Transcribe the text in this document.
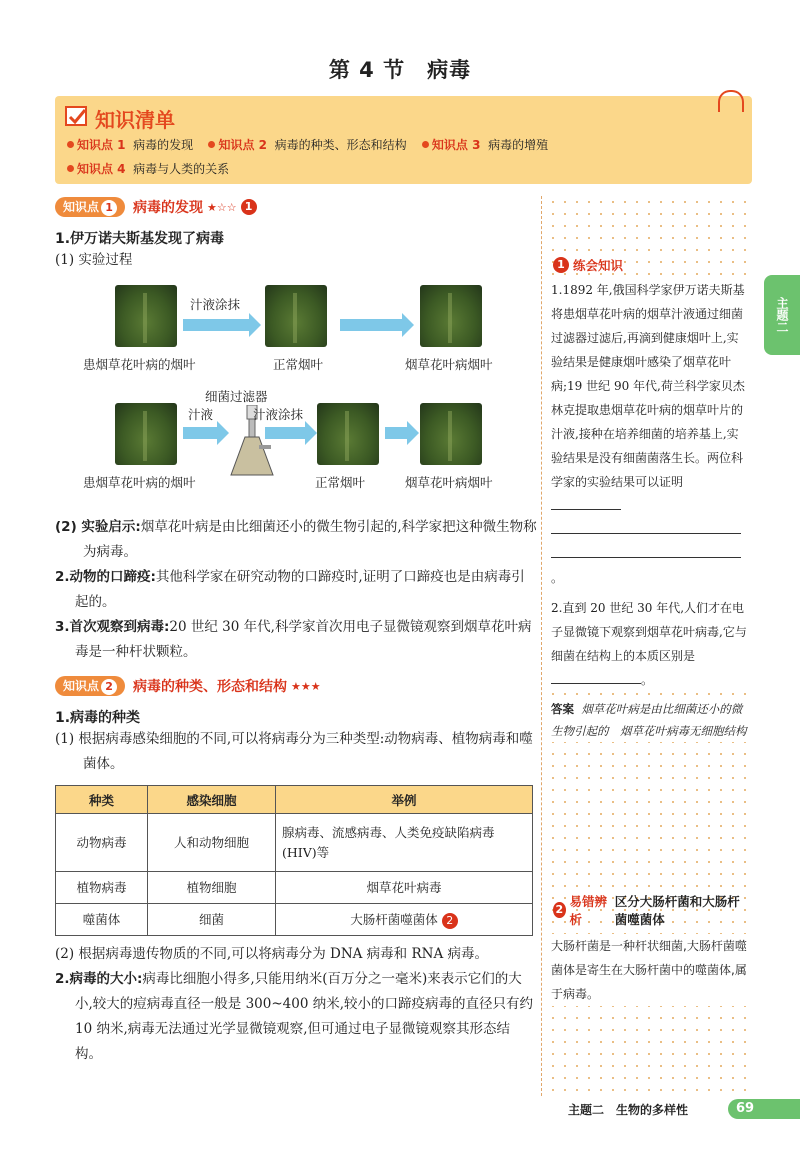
第 4 节　病毒
知识清单
知识点 1 病毒的发现 知识点 2 病毒的种类、形态和结构 知识点 3 病毒的增殖
知识点 4 病毒与人类的关系
知识点 1	病毒的发现 ★☆☆ 1
1.伊万诺夫斯基发现了病毒
(1) 实验过程
患烟草花叶病的烟叶
汁液涂抹
正常烟叶	烟草花叶病烟叶
患烟草花叶病的烟叶
细菌过滤器
汁液	汁液涂抹
正常烟叶	烟草花叶病烟叶
(2) 实验启示:烟草花叶病是由比细菌还小的微生物引起的,科学家把这种微生物称为病毒。
2.动物的口蹄疫:其他科学家在研究动物的口蹄疫时,证明了口蹄疫也是由病毒引起的。
3.首次观察到病毒:20 世纪 30 年代,科学家首次用电子显微镜观察到烟草花叶病毒是一种杆状颗粒。
知识点 2	病毒的种类、形态和结构 ★★★
1.病毒的种类
(1) 根据病毒感染细胞的不同,可以将病毒分为三种类型:动物病毒、植物病毒和噬菌体。
种类	感染细胞	举例
动物病毒	人和动物细胞	腺病毒、流感病毒、人类免疫缺陷病毒(HIV)等
植物病毒	植物细胞	烟草花叶病毒
噬菌体	细菌	大肠杆菌噬菌体 2
(2) 根据病毒遗传物质的不同,可以将病毒分为 DNA 病毒和 RNA 病毒。
2.病毒的大小:病毒比细胞小得多,只能用纳米(百万分之一毫米)来表示它们的大小,较大的痘病毒直径一般是 300~400 纳米,较小的口蹄疫病毒的直径只有约 10 纳米,病毒无法通过光学显微镜观察,但可通过电子显微镜观察其形态结构。
1 练会知识
1.1892 年,俄国科学家伊万诺夫斯基将患烟草花叶病的烟草汁液通过细菌过滤器过滤后,再滴到健康烟叶上,实验结果是健康烟叶感染了烟草花叶病;19 世纪 90 年代,荷兰科学家贝杰林克提取患烟草花叶病的烟草叶片的汁液,接种在培养细菌的培养基上,实验结果是没有细菌菌落生长。两位科学家的实验结果可以证明

。
2.直到 20 世纪 30 年代,人们才在电子显微镜下观察到烟草花叶病毒,它与细菌在结构上的本质区别是。
答案 烟草花叶病是由比细菌还小的微生物引起的　烟草花叶病毒无细胞结构
2
易错辨析
区分大肠杆菌和大肠杆菌噬菌体
大肠杆菌是一种杆状细菌,大肠杆菌噬菌体是寄生在大肠杆菌中的噬菌体,属于病毒。
主题二
主题二　生物的多样性	69
